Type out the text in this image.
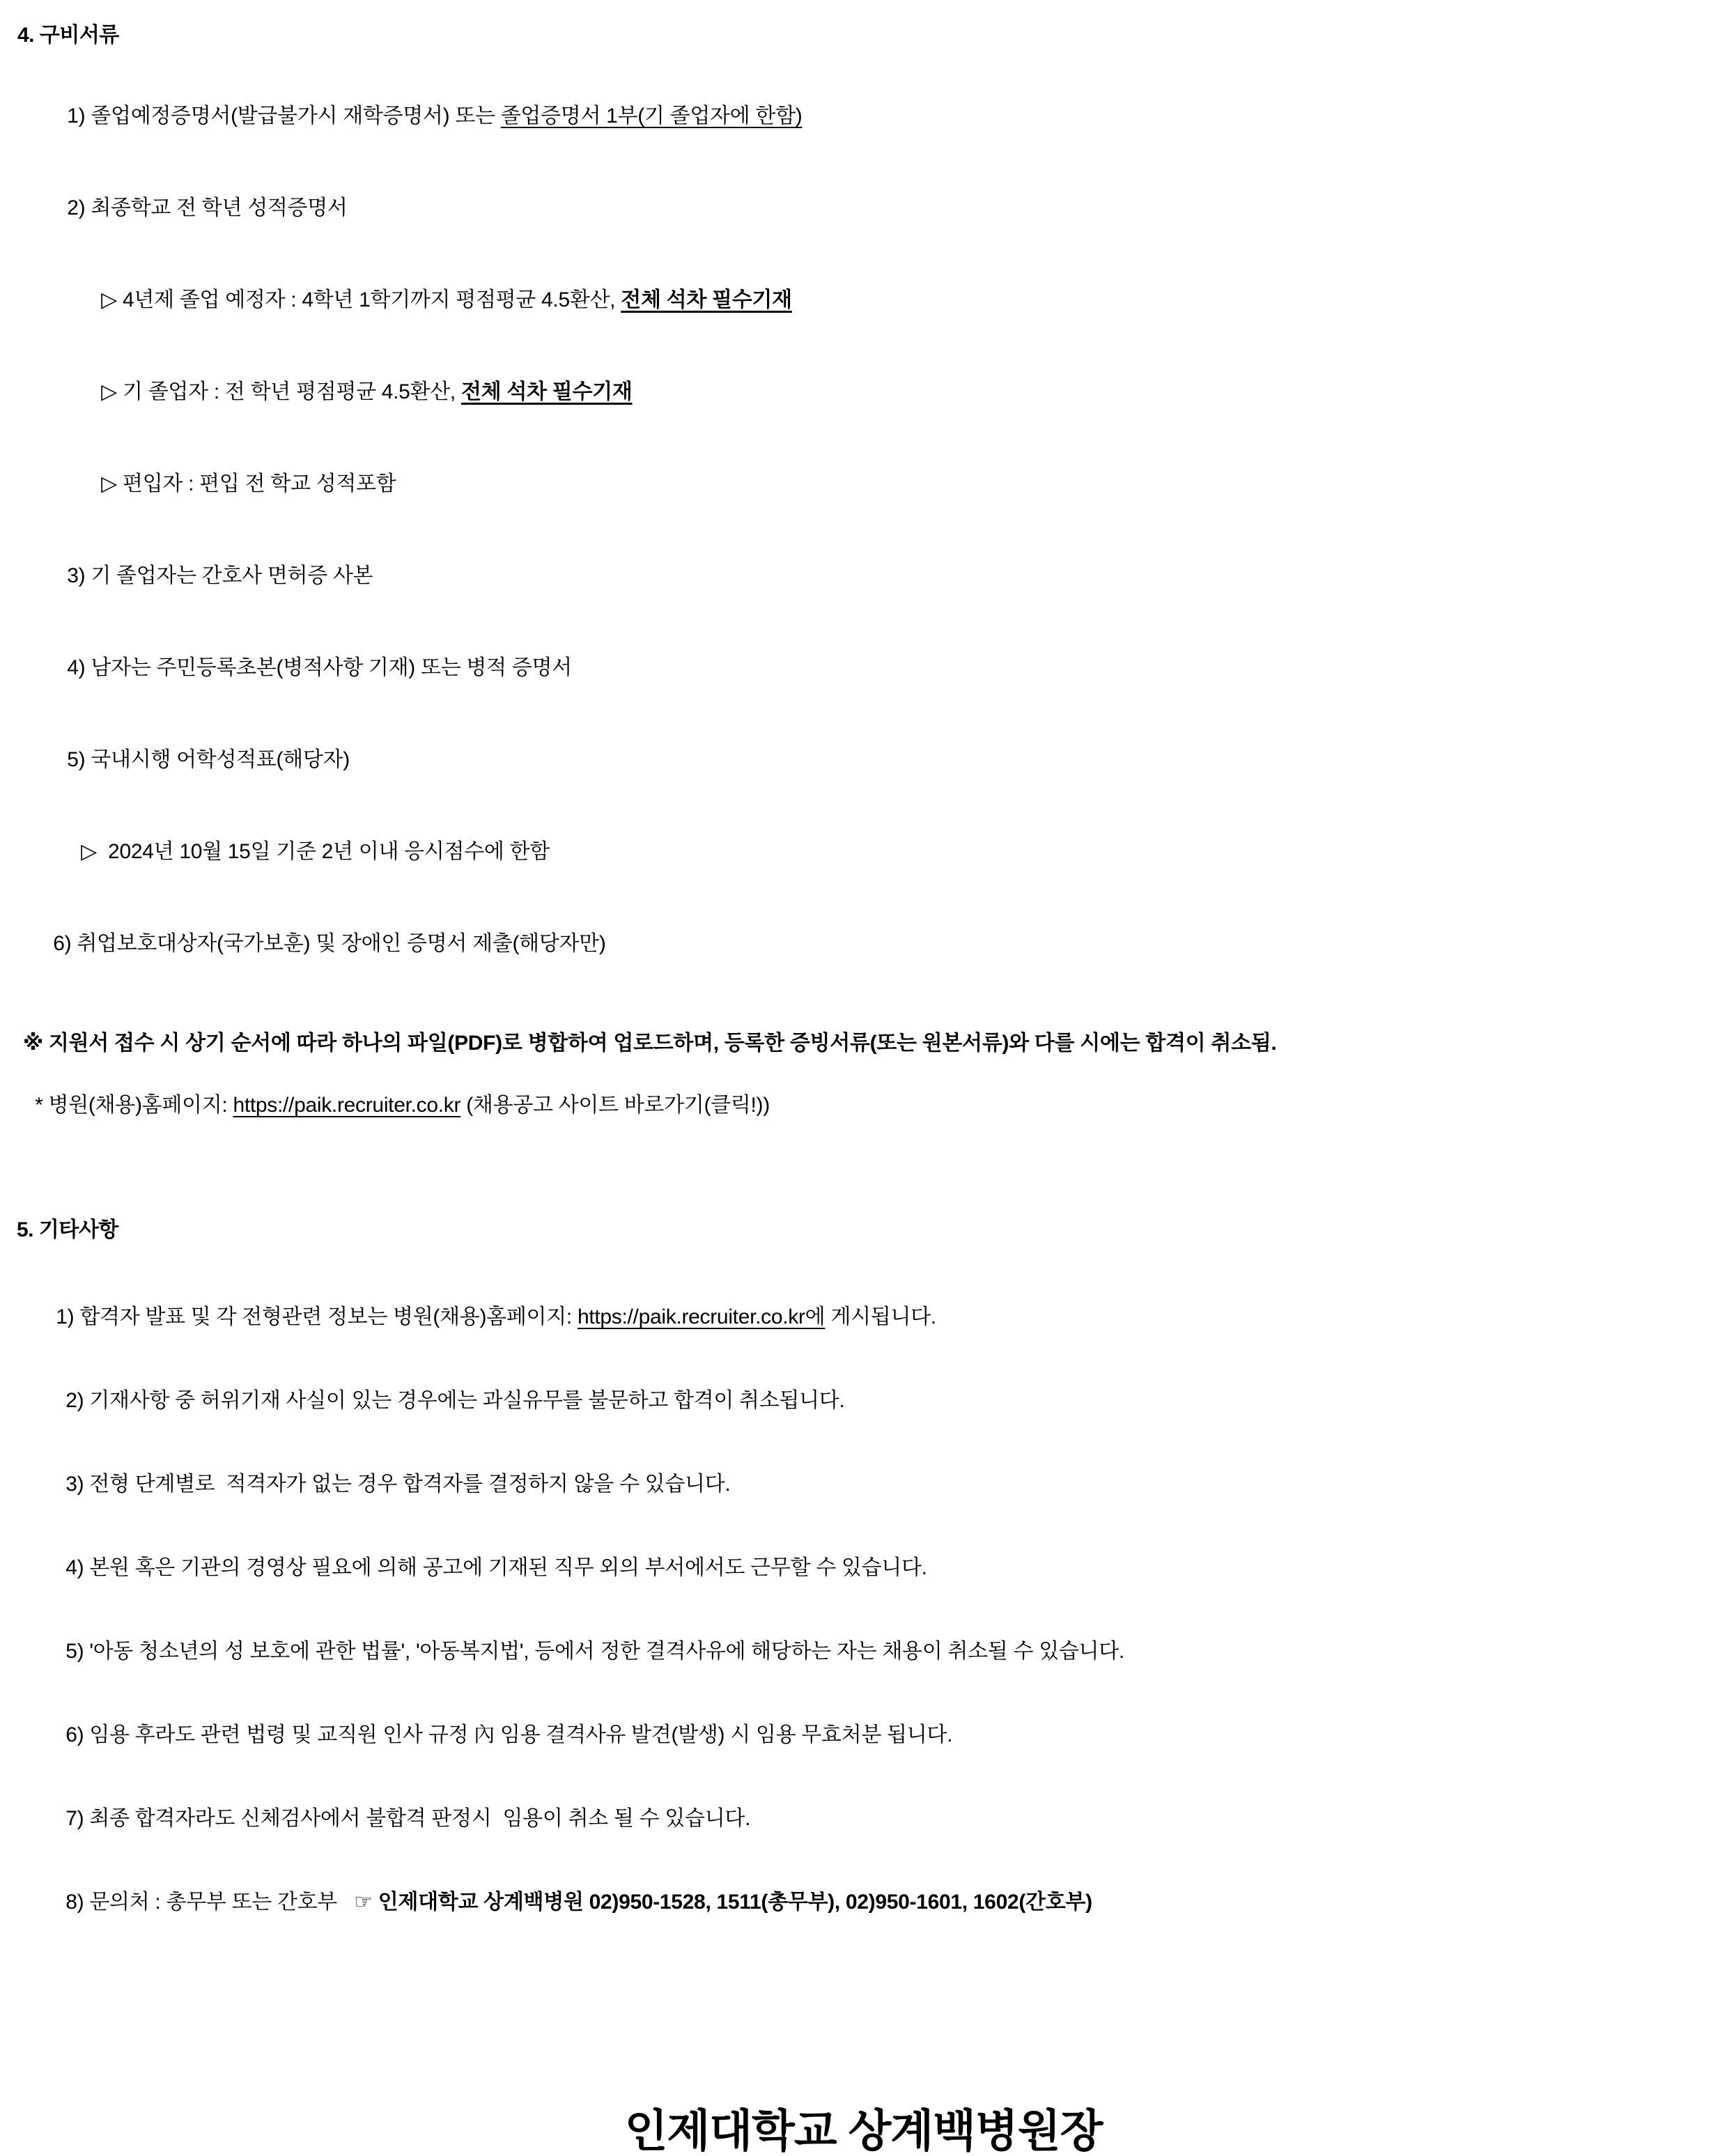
4. 구비서류

1) 졸업예정증명서(발급불가시 재학증명서) 또는 졸업증명서 1부(기 졸업자에 한함)

2) 최종학교 전 학년 성적증명서

▷ 4년제 졸업 예정자 : 4학년 1학기까지 평점평균 4.5환산, 전체 석차 필수기재

▷ 기 졸업자 : 전 학년 평점평균 4.5환산, 전체 석차 필수기재

▷ 편입자 : 편입 전 학교 성적포함

3) 기 졸업자는 간호사 면허증 사본

4) 남자는 주민등록초본(병적사항 기재) 또는 병적 증명서

5) 국내시행 어학성적표(해당자)

▷  2024년 10월 15일 기준 2년 이내 응시점수에 한함

6) 취업보호대상자(국가보훈) 및 장애인 증명서 제출(해당자만)

※ 지원서 접수 시 상기 순서에 따라 하나의 파일(PDF)로 병합하여 업로드하며, 등록한 증빙서류(또는 원본서류)와 다를 시에는 합격이 취소됨.

* 병원(채용)홈페이지: https://paik.recruiter.co.kr (채용공고 사이트 바로가기(클릭!))

5. 기타사항

1) 합격자 발표 및 각 전형관련 정보는 병원(채용)홈페이지: https://paik.recruiter.co.kr에 게시됩니다.

2) 기재사항 중 허위기재 사실이 있는 경우에는 과실유무를 불문하고 합격이 취소됩니다.

3) 전형 단계별로  적격자가 없는 경우 합격자를 결정하지 않을 수 있습니다.

4) 본원 혹은 기관의 경영상 필요에 의해 공고에 기재된 직무 외의 부서에서도 근무할 수 있습니다.

5) '아동 청소년의 성 보호에 관한 법률', '아동복지법', 등에서 정한 결격사유에 해당하는 자는 채용이 취소될 수 있습니다.

6) 임용 후라도 관련 법령 및 교직원 인사 규정 內 임용 결격사유 발견(발생) 시 임용 무효처분 됩니다.

7) 최종 합격자라도 신체검사에서 불합격 판정시  임용이 취소 될 수 있습니다.

8) 문의처 : 총무부 또는 간호부   ☞ 인제대학교 상계백병원 02)950-1528, 1511(총무부), 02)950-1601, 1602(간호부)

인제대학교 상계백병원장
